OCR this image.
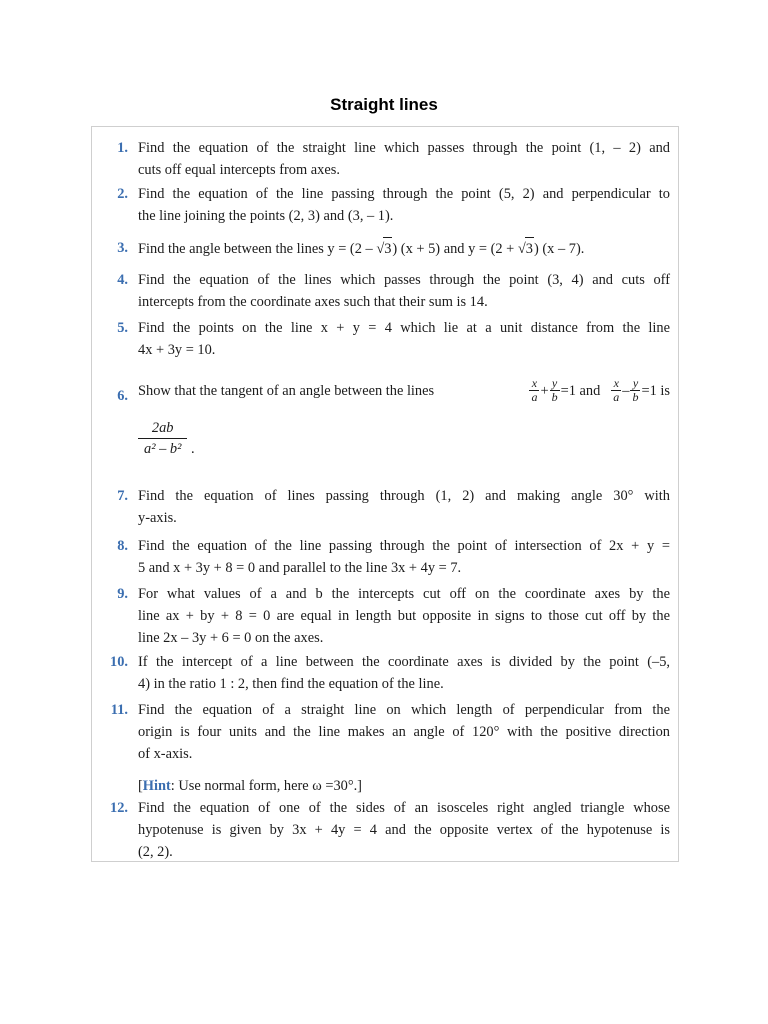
Straight lines
1. Find the equation of the straight line which passes through the point (1, – 2) and
cuts off equal intercepts from axes.
2. Find the equation of the line passing through the point (5, 2) and perpendicular to
the line joining the points (2, 3) and (3, – 1).
3. Find the angle between the lines y = (2 – √3) (x + 5) and y = (2 + √3) (x – 7).
4. Find the equation of the lines which passes through the point (3, 4) and cuts off
intercepts from the coordinate axes such that their sum is 14.
5. Find the points on the line x + y = 4 which lie at a unit distance from the line
4x + 3y = 10.
6. Show that the tangent of an angle between the lines	$\frac{x}{a} + \frac{y}{b} =1$ and $\frac{x}{a} - \frac{y}{b} =1$ is
$\frac{2ab}{\text{a² – b²}}$ .
7. Find the equation of lines passing through (1, 2) and making angle 30° with
y-axis.
8. Find the equation of the line passing through the point of intersection of 2x + y =
5 and x + 3y + 8 = 0 and parallel to the line 3x + 4y = 7.
9. For what values of a and b the intercepts cut off on the coordinate axes by the
line ax + by + 8 = 0 are equal in length but opposite in signs to those cut off by the
line 2x – 3y + 6 = 0 on the axes.
10. If the intercept of a line between the coordinate axes is divided by the point (–5,
4) in the ratio 1 : 2, then find the equation of the line.
11. Find the equation of a straight line on which length of perpendicular from the
origin is four units and the line makes an angle of 120° with the positive direction
of x-axis.
[Hint: Use normal form, here ω =30°.]
12. Find the equation of one of the sides of an isosceles right angled triangle whose
hypotenuse is given by 3x + 4y = 4 and the opposite vertex of the hypotenuse is
(2, 2).
